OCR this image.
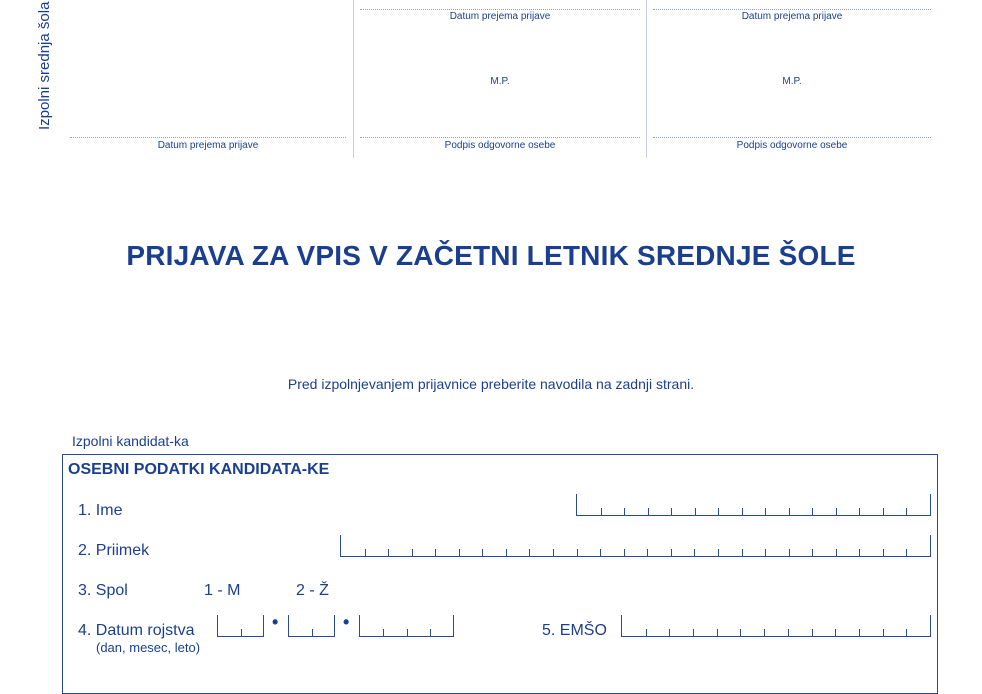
Izpolni srednja šola
Datum prejema prijave
Datum prejema prijave
M.P.
Podpis odgovorne osebe
Datum prejema prijave
M.P.
Podpis odgovorne osebe
PRIJAVA ZA VPIS V ZAČETNI LETNIK SREDNJE ŠOLE
Pred izpolnjevanjem prijavnice preberite navodila na zadnji strani.
Izpolni kandidat-ka
OSEBNI PODATKI KANDIDATA-KE
1. Ime
2. Priimek
3. Spol	1 - M	2 - Ž
4. Datum rojstva
(dan, mesec, leto)
•	•	5. EMŠO
